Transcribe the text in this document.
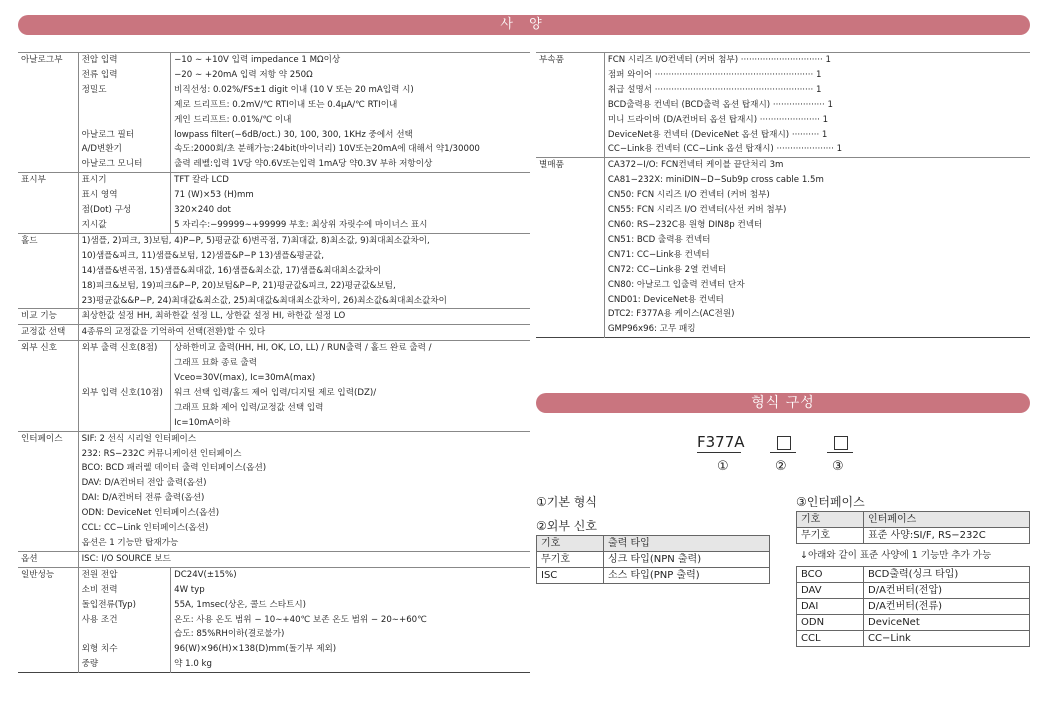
사 양
아날로그부	전압 입력	−10 ∼ +10V 입력 impedance 1 MΩ이상
	전류 입력	−20 ∼ +20mA 입력 저항 약 250Ω
	정밀도	비직선성: 0.02%/FS±1 digit 이내 (10 V 또는 20 mA입력 시)
		제로 드리프트: 0.2mV/℃ RTI이내 또는 0.4μA/℃ RTI이내
		게인 드리프트: 0.01%/℃ 이내
	아날로그 필터	lowpass filter(−6dB/oct.) 30, 100, 300, 1KHz 중에서 선택
	A/D변환기	속도:2000회/초 분해가능:24bit(바이너리) 10V또는20mA에 대해서 약1/30000
	아날로그 모니터	출력 레벨:입력 1V당 약0.6V또는입력 1mA당 약0.3V 부하 저항이상
표시부	표시기	TFT 칼라 LCD
	표시 영역	71 (W)×53 (H)mm
	점(Dot) 구성	320×240 dot
	지시값	5 자리수:−99999∼+99999 부호: 최상위 자릿수에 마이너스 표시
홀드	1)샘플, 2)피크, 3)보텀, 4)P−P, 5)평균값 6)변곡점, 7)최대값, 8)최소값, 9)최대최소값차이,	
	10)샘플&피크, 11)샘플&보텀, 12)샘플&P−P 13)샘플&평균값,	
	14)샘플&변곡점, 15)샘플&최대값, 16)샘플&최소값, 17)샘플&최대최소값차이	
	18)피크&보텀, 19)피크&P−P, 20)보텀&P−P, 21)평균값&피크, 22)평균값&보텀,	
	23)평균값&&P−P, 24)최대값&최소값, 25)최대값&최대최소값차이, 26)최소값&최대최소값차이	
비교 기능	최상한값 설정 HH, 최하한값 설정 LL, 상한값 설정 HI, 하한값 설정 LO	
교정값 선택	4종류의 교정값을 기억하여 선택(전환)할 수 있다	
외부 신호	외부 출력 신호(8점)	상하한비교 출력(HH, HI, OK, LO, LL) / RUN출력 / 홀드 완료 출력 /
		그래프 묘화 종료 출력
		Vceo=30V(max), Ic=30mA(max)
	외부 입력 신호(10점)	워크 선택 입력/홀드 제어 입력/디지털 제로 입력(DZ)/
		그래프 묘화 제어 입력/교정값 선택 입력
		Ic=10mA이하
인터페이스	SIF: 2 선식 시리얼 인터페이스	
	232: RS−232C 커뮤니케이션 인터페이스	
	BCO: BCD 패러렐 데이터 출력 인터페이스(옵션)	
	DAV: D/A컨버터 전압 출력(옵션)	
	DAI: D/A컨버터 전류 출력(옵션)	
	ODN: DeviceNet 인터페이스(옵션)	
	CCL: CC−Link 인터페이스(옵션)	
	옵션은 1 기능만 탑재가능	
옵션	ISC: I/O SOURCE 보드	
일반성능	전원 전압	DC24V(±15%)
	소비 전력	4W typ
	돌입전류(Typ)	55A, 1msec(상온, 콜드 스타트시)
	사용 조건	온도: 사용 온도 범위 − 10∼+40℃ 보존 온도 범위 − 20∼+60℃
		습도: 85%RH이하(결로불가)
	외형 치수	96(W)×96(H)×138(D)mm(돌기부 제외)
	중량	약 1.0 kg
부속품	FCN 시리즈 I/O컨넥터 (커버 첨부) ······························ 1
	점퍼 와이어 ·························································· 1
	취급 설명서 ·························································· 1
	BCD출력용 컨넥터 (BCD출력 옵션 탑재시) ··················· 1
	미니 드라이버 (D/A컨버터 옵션 탑재시) ······················ 1
	DeviceNet용 컨넥터 (DeviceNet 옵션 탑재시) ·········· 1
	CC−Link용 컨넥터 (CC−Link 옵션 탑재시) ····················· 1
별매품	CA372−I/O: FCN컨넥터 케이블 끝단처리 3m
	CA81−232X: miniDIN−D−Sub9p cross cable 1.5m
	CN50: FCN 시리즈 I/O 컨넥터 (커버 첨부)
	CN55: FCN 시리즈 I/O 컨넥터(사선 커버 첨부)
	CN60: RS−232C용 원형 DIN8p 컨넥터
	CN51: BCD 출력용 컨넥터
	CN71: CC−Link용 컨넥터
	CN72: CC−Link용 2열 컨넥터
	CN80: 아날로그 입출력 컨넥터 단자
	CND01: DeviceNet용 컨넥터
	DTC2: F377A용 케이스(AC전원)
	GMP96x96: 고무 패킹
형식 구성
F377A
①	②	③
①기본 형식
②외부 신호
기호	출력 타입
무기호	싱크 타입(NPN 출력)
ISC	소스 타입(PNP 출력)
③인터페이스
기호	인터페이스
무기호	표준 사양:SI/F, RS−232C
↓아래와 같이 표준 사양에 1 기능만 추가 가능
BCO	BCD출력(싱크 타입)
DAV	D/A컨버터(전압)
DAI	D/A컨버터(전류)
ODN	DeviceNet
CCL	CC−Link
